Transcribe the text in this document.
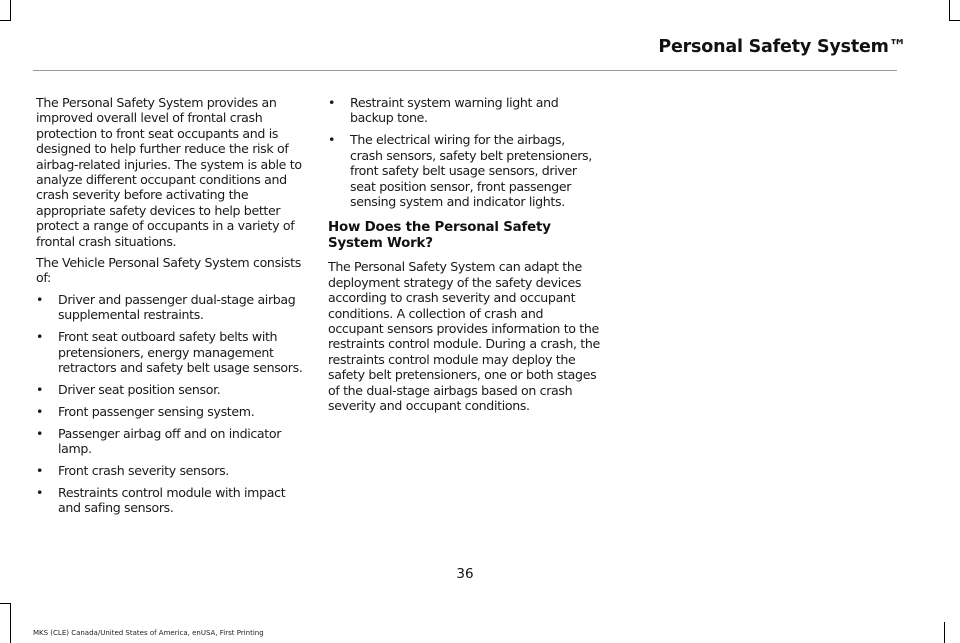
Personal Safety System™

The Personal Safety System provides an improved overall level of frontal crash protection to front seat occupants and is designed to help further reduce the risk of airbag-related injuries. The system is able to analyze different occupant conditions and crash severity before activating the appropriate safety devices to help better protect a range of occupants in a variety of frontal crash situations.

The Vehicle Personal Safety System consists of:

• Driver and passenger dual-stage airbag supplemental restraints.
• Front seat outboard safety belts with pretensioners, energy management retractors and safety belt usage sensors.
• Driver seat position sensor.
• Front passenger sensing system.
• Passenger airbag off and on indicator lamp.
• Front crash severity sensors.
• Restraints control module with impact and safing sensors.
• Restraint system warning light and backup tone.
• The electrical wiring for the airbags, crash sensors, safety belt pretensioners, front safety belt usage sensors, driver seat position sensor, front passenger sensing system and indicator lights.
How Does the Personal Safety System Work?

The Personal Safety System can adapt the deployment strategy of the safety devices according to crash severity and occupant conditions. A collection of crash and occupant sensors provides information to the restraints control module. During a crash, the restraints control module may deploy the safety belt pretensioners, one or both stages of the dual-stage airbags based on crash severity and occupant conditions.

36
MKS (CLE) Canada/United States of America, enUSA, First Printing
